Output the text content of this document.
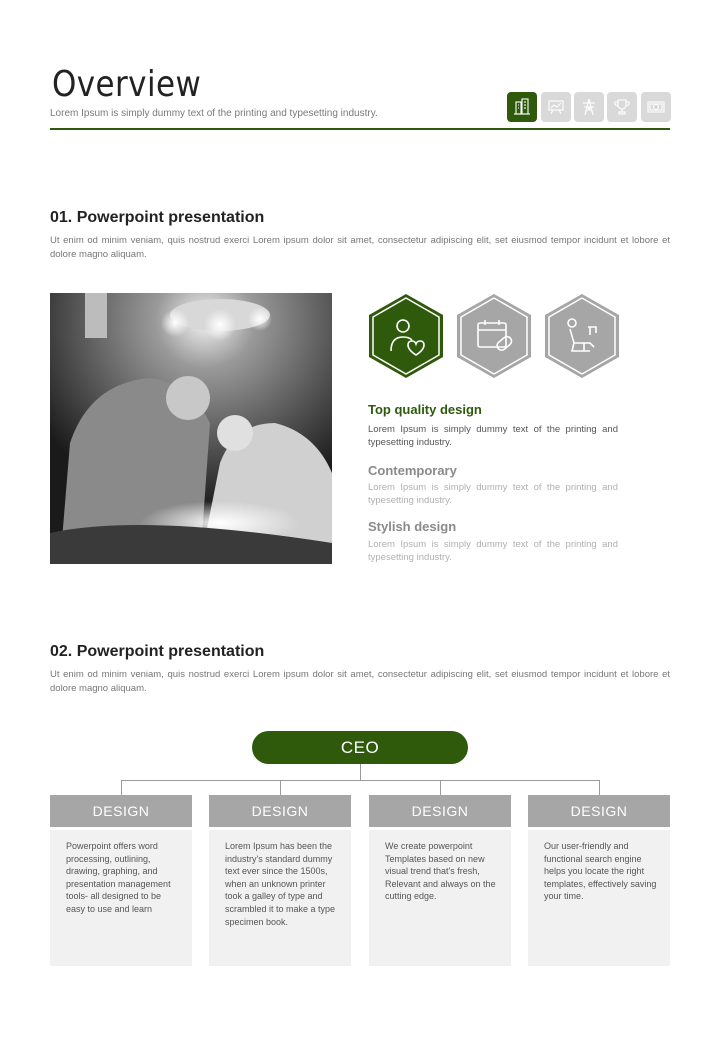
Overview
Lorem Ipsum is simply dummy text of the printing and typesetting industry.
01. Powerpoint presentation
Ut enim od minim veniam, quis nostrud exerci Lorem ipsum dolor sit amet, consectetur adipiscing elit, set eiusmod tempor incidunt et lobore et dolore magno aliquam.
Top quality design
Lorem Ipsum is simply dummy text of the printing and typesetting industry.
Contemporary
Lorem Ipsum is simply dummy text of the printing and typesetting industry.
Stylish design
Lorem Ipsum is simply dummy text of the printing and typesetting industry.
02. Powerpoint presentation
Ut enim od minim veniam, quis nostrud exerci Lorem ipsum dolor sit amet, consectetur adipiscing elit, set eiusmod tempor incidunt et lobore et dolore magno aliquam.
CEO
DESIGN	DESIGN	DESIGN	DESIGN
Powerpoint offers word processing, outlining, drawing, graphing, and presentation management tools- all designed to be easy to use and learn
Lorem Ipsum has been the industry's standard dummy text ever since the 1500s, when an unknown printer took a galley of type and scrambled it to make a type specimen book.
We create powerpoint Templates based on new visual trend that's fresh, Relevant and always on the cutting edge.
Our user-friendly and functional search engine helps you locate the right templates, effectively saving your time.
